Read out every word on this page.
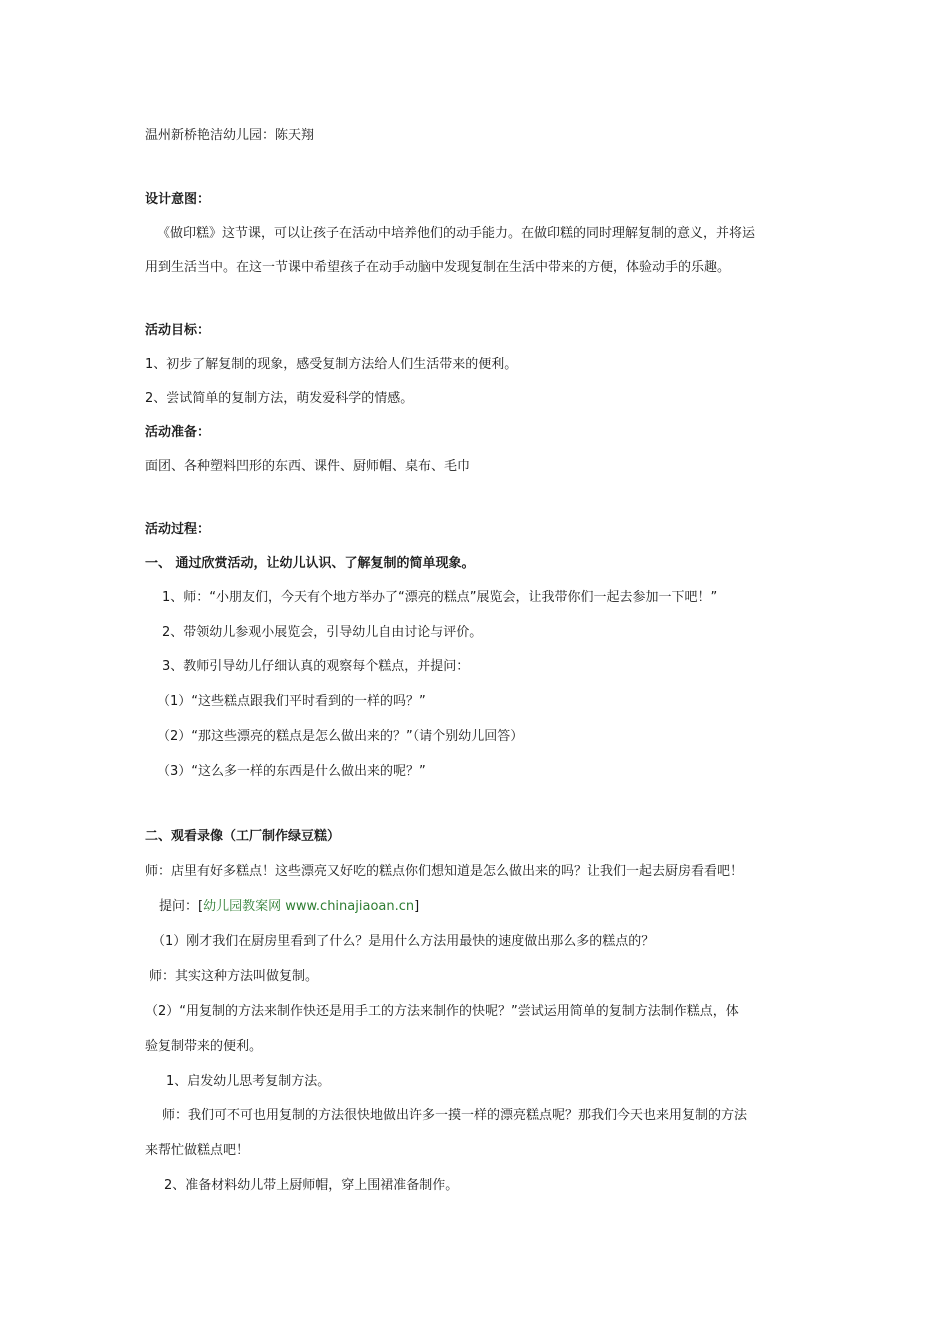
温州新桥艳洁幼儿园：陈天翔
设计意图：
《做印糕》这节课，可以让孩子在活动中培养他们的动手能力。在做印糕的同时理解复制的意义，并将运
用到生活当中。在这一节课中希望孩子在动手动脑中发现复制在生活中带来的方便，体验动手的乐趣。
活动目标：
1、初步了解复制的现象，感受复制方法给人们生活带来的便利。
2、尝试简单的复制方法，萌发爱科学的情感。
活动准备：
面团、各种塑料凹形的东西、课件、厨师帽、桌布、毛巾
活动过程：
一、 通过欣赏活动，让幼儿认识、了解复制的简单现象。
1、师：“小朋友们，今天有个地方举办了“漂亮的糕点”展览会，让我带你们一起去参加一下吧！”
2、带领幼儿参观小展览会，引导幼儿自由讨论与评价。
3、教师引导幼儿仔细认真的观察每个糕点，并提问：
（1）“这些糕点跟我们平时看到的一样的吗？”
（2）“那这些漂亮的糕点是怎么做出来的？”（请个别幼儿回答）
（3）“这么多一样的东西是什么做出来的呢？”
二、观看录像（工厂制作绿豆糕）
师：店里有好多糕点！这些漂亮又好吃的糕点你们想知道是怎么做出来的吗？让我们一起去厨房看看吧！
提问：[幼儿园教案网 www.chinajiaoan.cn]
（1）刚才我们在厨房里看到了什么？是用什么方法用最快的速度做出那么多的糕点的？
师：其实这种方法叫做复制。
（2）“用复制的方法来制作快还是用手工的方法来制作的快呢？”尝试运用简单的复制方法制作糕点，体
验复制带来的便利。
1、启发幼儿思考复制方法。
师：我们可不可也用复制的方法很快地做出许多一摸一样的漂亮糕点呢？那我们今天也来用复制的方法
来帮忙做糕点吧！
2、准备材料幼儿带上厨师帽，穿上围裙准备制作。
